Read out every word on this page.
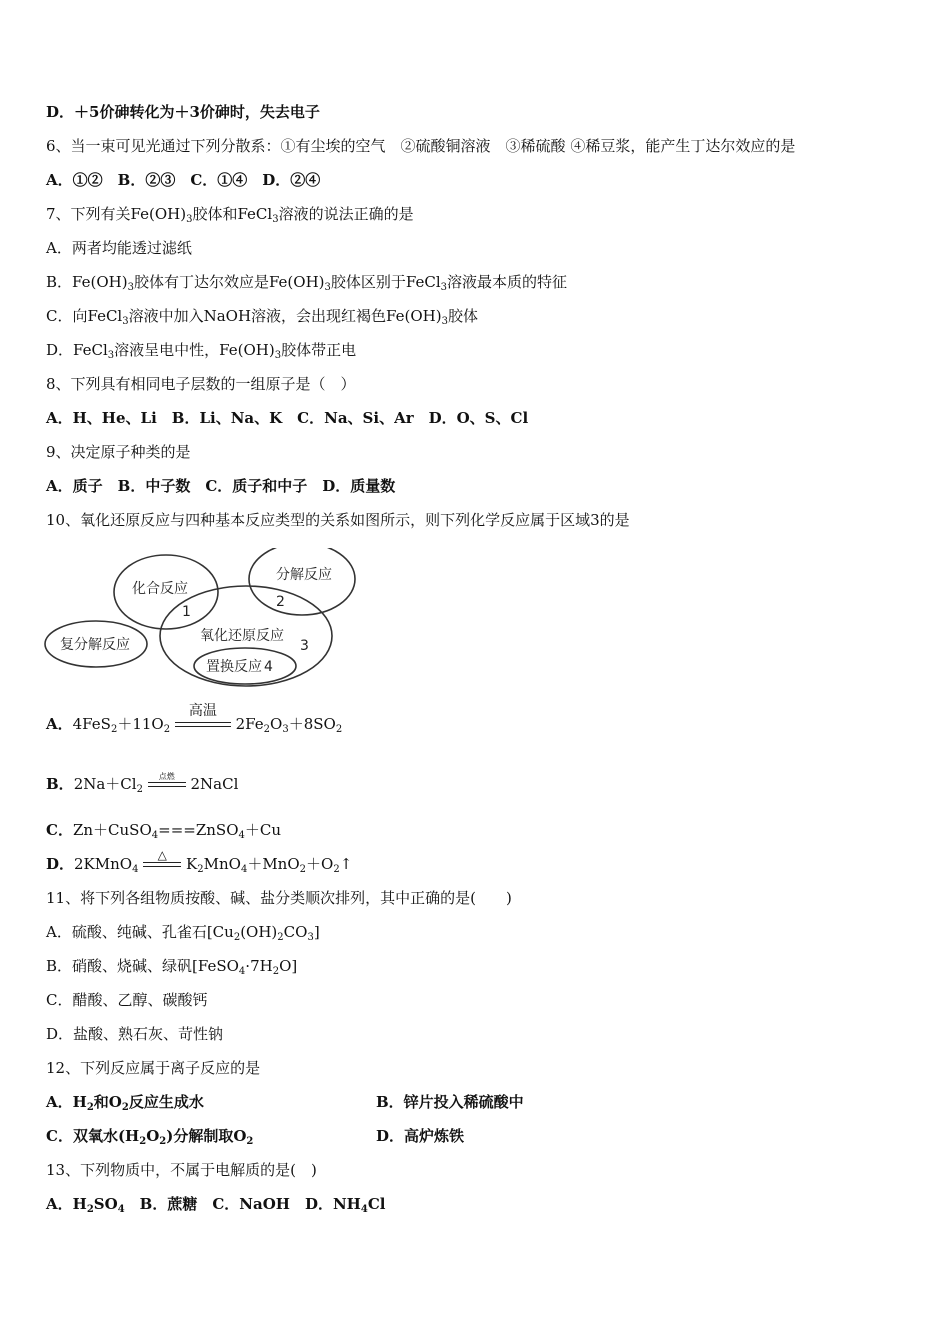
D．＋5价砷转化为＋3价砷时，失去电子
6、当一束可见光通过下列分散系：①有尘埃的空气　②硫酸铜溶液　③稀硫酸 ④稀豆浆，能产生丁达尔效应的是
A．①②　B．②③　C．①④　D．②④
7、下列有关$Fe(OH)_3$胶体和FeCl$_3$溶液的说法正确的是
A．两者均能透过滤纸
B．$Fe(OH)_3$胶体有丁达尔效应是$Fe(OH)_3$胶体区别于FeCl$_3$溶液最本质的特征
C．向FeCl$_3$溶液中加入NaOH溶液，会出现红褐色$Fe(OH)_3$胶体
D．FeCl$_3$溶液呈电中性，$Fe(OH)_3$胶体带正电
8、下列具有相同电子层数的一组原子是（　）
A．H、He、Li　B．Li、Na、K　C．Na、Si、Ar　D．O、S、Cl
9、决定原子种类的是
A．质子　B．中子数　C．质子和中子　D．质量数
10、氧化还原反应与四种基本反应类型的关系如图所示，则下列化学反应属于区域3的是
化合反应
分解反应
复分解反应
氧化还原反应
置换反应
1
2
3
4
A．$4FeS_2+11O_2$
高温
$2Fe_2O_3+8SO_2$
B．$2Na+Cl_2$
点燃	2NaCl
C．Zn＋CuSO$_4$===ZnSO$_4$＋Cu
D．2KMnO$_4$
△	$K_2MnO_4+MnO_2+O_2↑$
11、将下列各组物质按酸、碱、盐分类顺次排列，其中正确的是(　　)
A．硫酸、纯碱、孔雀石$[Cu_2(OH)_2CO_3]$
B．硝酸、烧碱、绿矾$[FeSO_4\cdot 7H_2O]$
C．醋酸、乙醇、碳酸钙
D．盐酸、熟石灰、苛性钠
12、下列反应属于离子反应的是
A．$H_2$和$O_2$反应生成水	B．锌片投入稀硫酸中
C．双氧水$(H_2O_2)$分解制取$O_2$	D．高炉炼铁
13、下列物质中，不属于电解质的是(　)
A．$H_2SO_4$　B．蔗糖　C．NaOH　D．$NH_4Cl$
